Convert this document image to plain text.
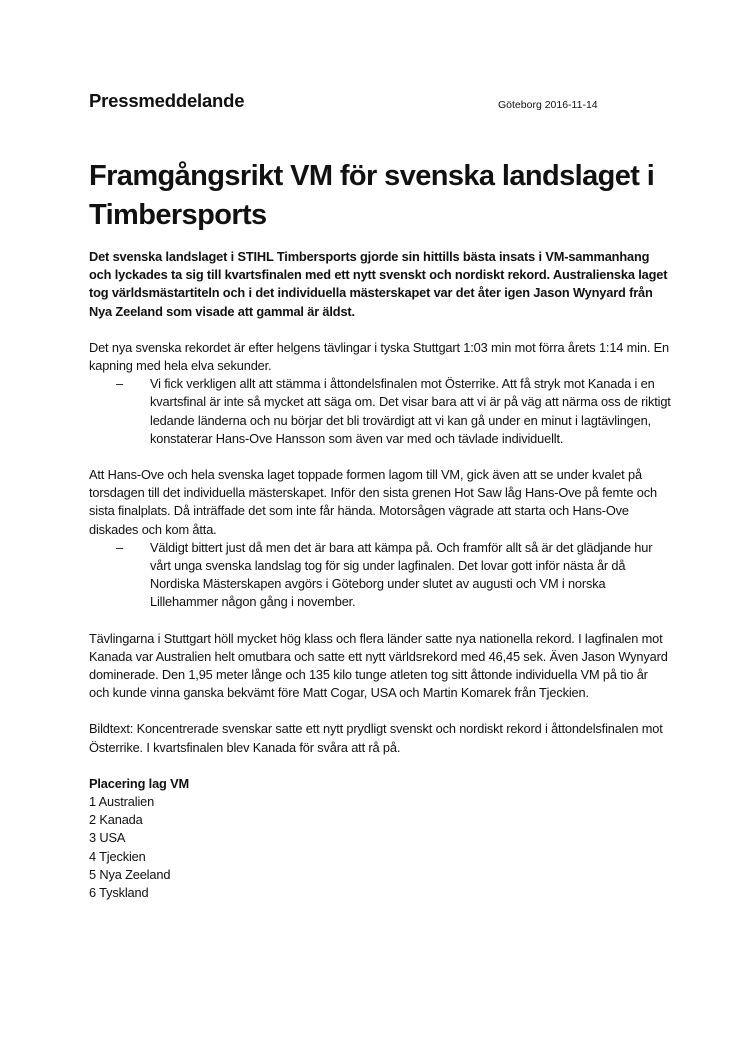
Pressmeddelande	Göteborg 2016-11-14
Framgångsrikt VM för svenska landslaget i Timbersports

Det svenska landslaget i STIHL Timbersports gjorde sin hittills bästa insats i VM-sammanhang och lyckades ta sig till kvartsfinalen med ett nytt svenskt och nordiskt rekord. Australienska laget tog världsmästartiteln och i det individuella mästerskapet var det åter igen Jason Wynyard från Nya Zeeland som visade att gammal är äldst.

Det nya svenska rekordet är efter helgens tävlingar i tyska Stuttgart 1:03 min mot förra årets 1:14 min. En kapning med hela elva sekunder.

–	Vi fick verkligen allt att stämma i åttondelsfinalen mot Österrike. Att få stryk mot Kanada i en kvartsfinal är inte så mycket att säga om. Det visar bara att vi är på väg att närma oss de riktigt ledande länderna och nu börjar det bli trovärdigt att vi kan gå under en minut i lagtävlingen, konstaterar Hans-Ove Hansson som även var med och tävlade individuellt.

Att Hans-Ove och hela svenska laget toppade formen lagom till VM, gick även att se under kvalet på torsdagen till det individuella mästerskapet. Inför den sista grenen Hot Saw låg Hans-Ove på femte och sista finalplats. Då inträffade det som inte får hända. Motorsågen vägrade att starta och Hans-Ove diskades och kom åtta.

–	Väldigt bittert just då men det är bara att kämpa på. Och framför allt så är det glädjande hur vårt unga svenska landslag tog för sig under lagfinalen. Det lovar gott inför nästa år då Nordiska Mästerskapen avgörs i Göteborg under slutet av augusti och VM i norska Lillehammer någon gång i november.

Tävlingarna i Stuttgart höll mycket hög klass och flera länder satte nya nationella rekord. I lagfinalen mot Kanada var Australien helt omutbara och satte ett nytt världsrekord med 46,45 sek. Även Jason Wynyard dominerade. Den 1,95 meter långe och 135 kilo tunge atleten tog sitt åttonde individuella VM på tio år och kunde vinna ganska bekvämt före Matt Cogar, USA och Martin Komarek från Tjeckien.

Bildtext: Koncentrerade svenskar satte ett nytt prydligt svenskt och nordiskt rekord i åttondelsfinalen mot Österrike. I kvartsfinalen blev Kanada för svåra att rå på.

Placering lag VM

1 Australien
2 Kanada
3 USA
4 Tjeckien
5 Nya Zeeland
6 Tyskland
